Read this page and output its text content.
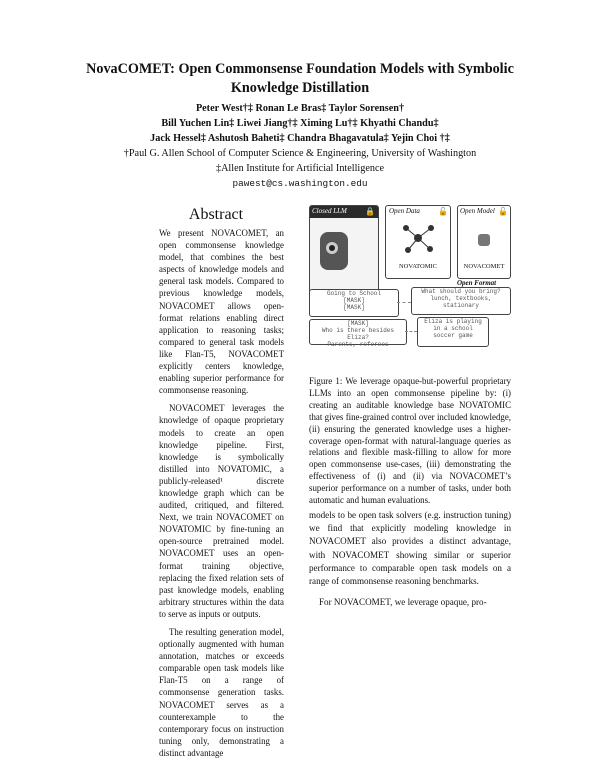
NovaCOMET: Open Commonsense Foundation Models with Symbolic
Knowledge Distillation
Peter West†‡ Ronan Le Bras‡ Taylor Sorensen†
Bill Yuchen Lin‡ Liwei Jiang†‡ Ximing Lu†‡ Khyathi Chandu‡
Jack Hessel‡ Ashutosh Baheti‡ Chandra Bhagavatula‡ Yejin Choi †‡
†Paul G. Allen School of Computer Science & Engineering, University of Washington
‡Allen Institute for Artificial Intelligence
pawest@cs.washington.edu
Abstract

We present NOVACOMET, an open commonsense knowledge model, that combines the best aspects of knowledge models and general task models. Compared to previous knowledge models, NOVACOMET allows open-format relations enabling direct application to reasoning tasks; compared to general task models like Flan-T5, NOVACOMET explicitly centers knowledge, enabling superior performance for commonsense reasoning.

NOVACOMET leverages the knowledge of opaque proprietary models to create an open knowledge pipeline. First, knowledge is symbolically distilled into NOVATOMIC, a publicly-released¹ discrete knowledge graph which can be audited, critiqued, and filtered. Next, we train NOVACOMET on NOVATOMIC by fine-tuning an open-source pretrained model. NOVACOMET uses an open-format training objective, replacing the fixed relation sets of past knowledge models, enabling arbitrary structures within the data to serve as inputs or outputs.

The resulting generation model, optionally augmented with human annotation, matches or exceeds comparable open task models like Flan-T5 on a range of commonsense generation tasks. NOVACOMET serves as a counterexample to the contemporary focus on instruction tuning only, demonstrating a distinct advantage

Closed LLM 🔒 Open Data 🔓
NOVATOMIC
Open Model 🔓
NOVACOMET
Open Format
Going to School
[MASK]
[MASK]
What should you bring?
lunch, textbooks,
stationary
[MASK]
Who is there besides Eliza?
Parents, referees
Eliza is playing
in a school
soccer game
Figure 1: We leverage opaque-but-powerful proprietary LLMs into an open commonsense pipeline by: (i) creating an auditable knowledge base NOVATOMIC that gives fine-grained control over included knowledge, (ii) ensuring the generated knowledge uses a higher-coverage open-format with natural-language queries as relations and flexible mask-filling to allow for more open commonsense use-cases, (iii) demonstrating the effectiveness of (i) and (ii) via NOVACOMET’s superior performance on a number of tasks, under both automatic and human evaluations.

models to be open task solvers (e.g. instruction tuning) we find that explicitly modeling knowledge in NOVACOMET also provides a distinct advantage, with NOVACOMET showing similar or superior performance to comparable open task models on a range of commonsense reasoning benchmarks.

For NOVACOMET, we leverage opaque, pro-
